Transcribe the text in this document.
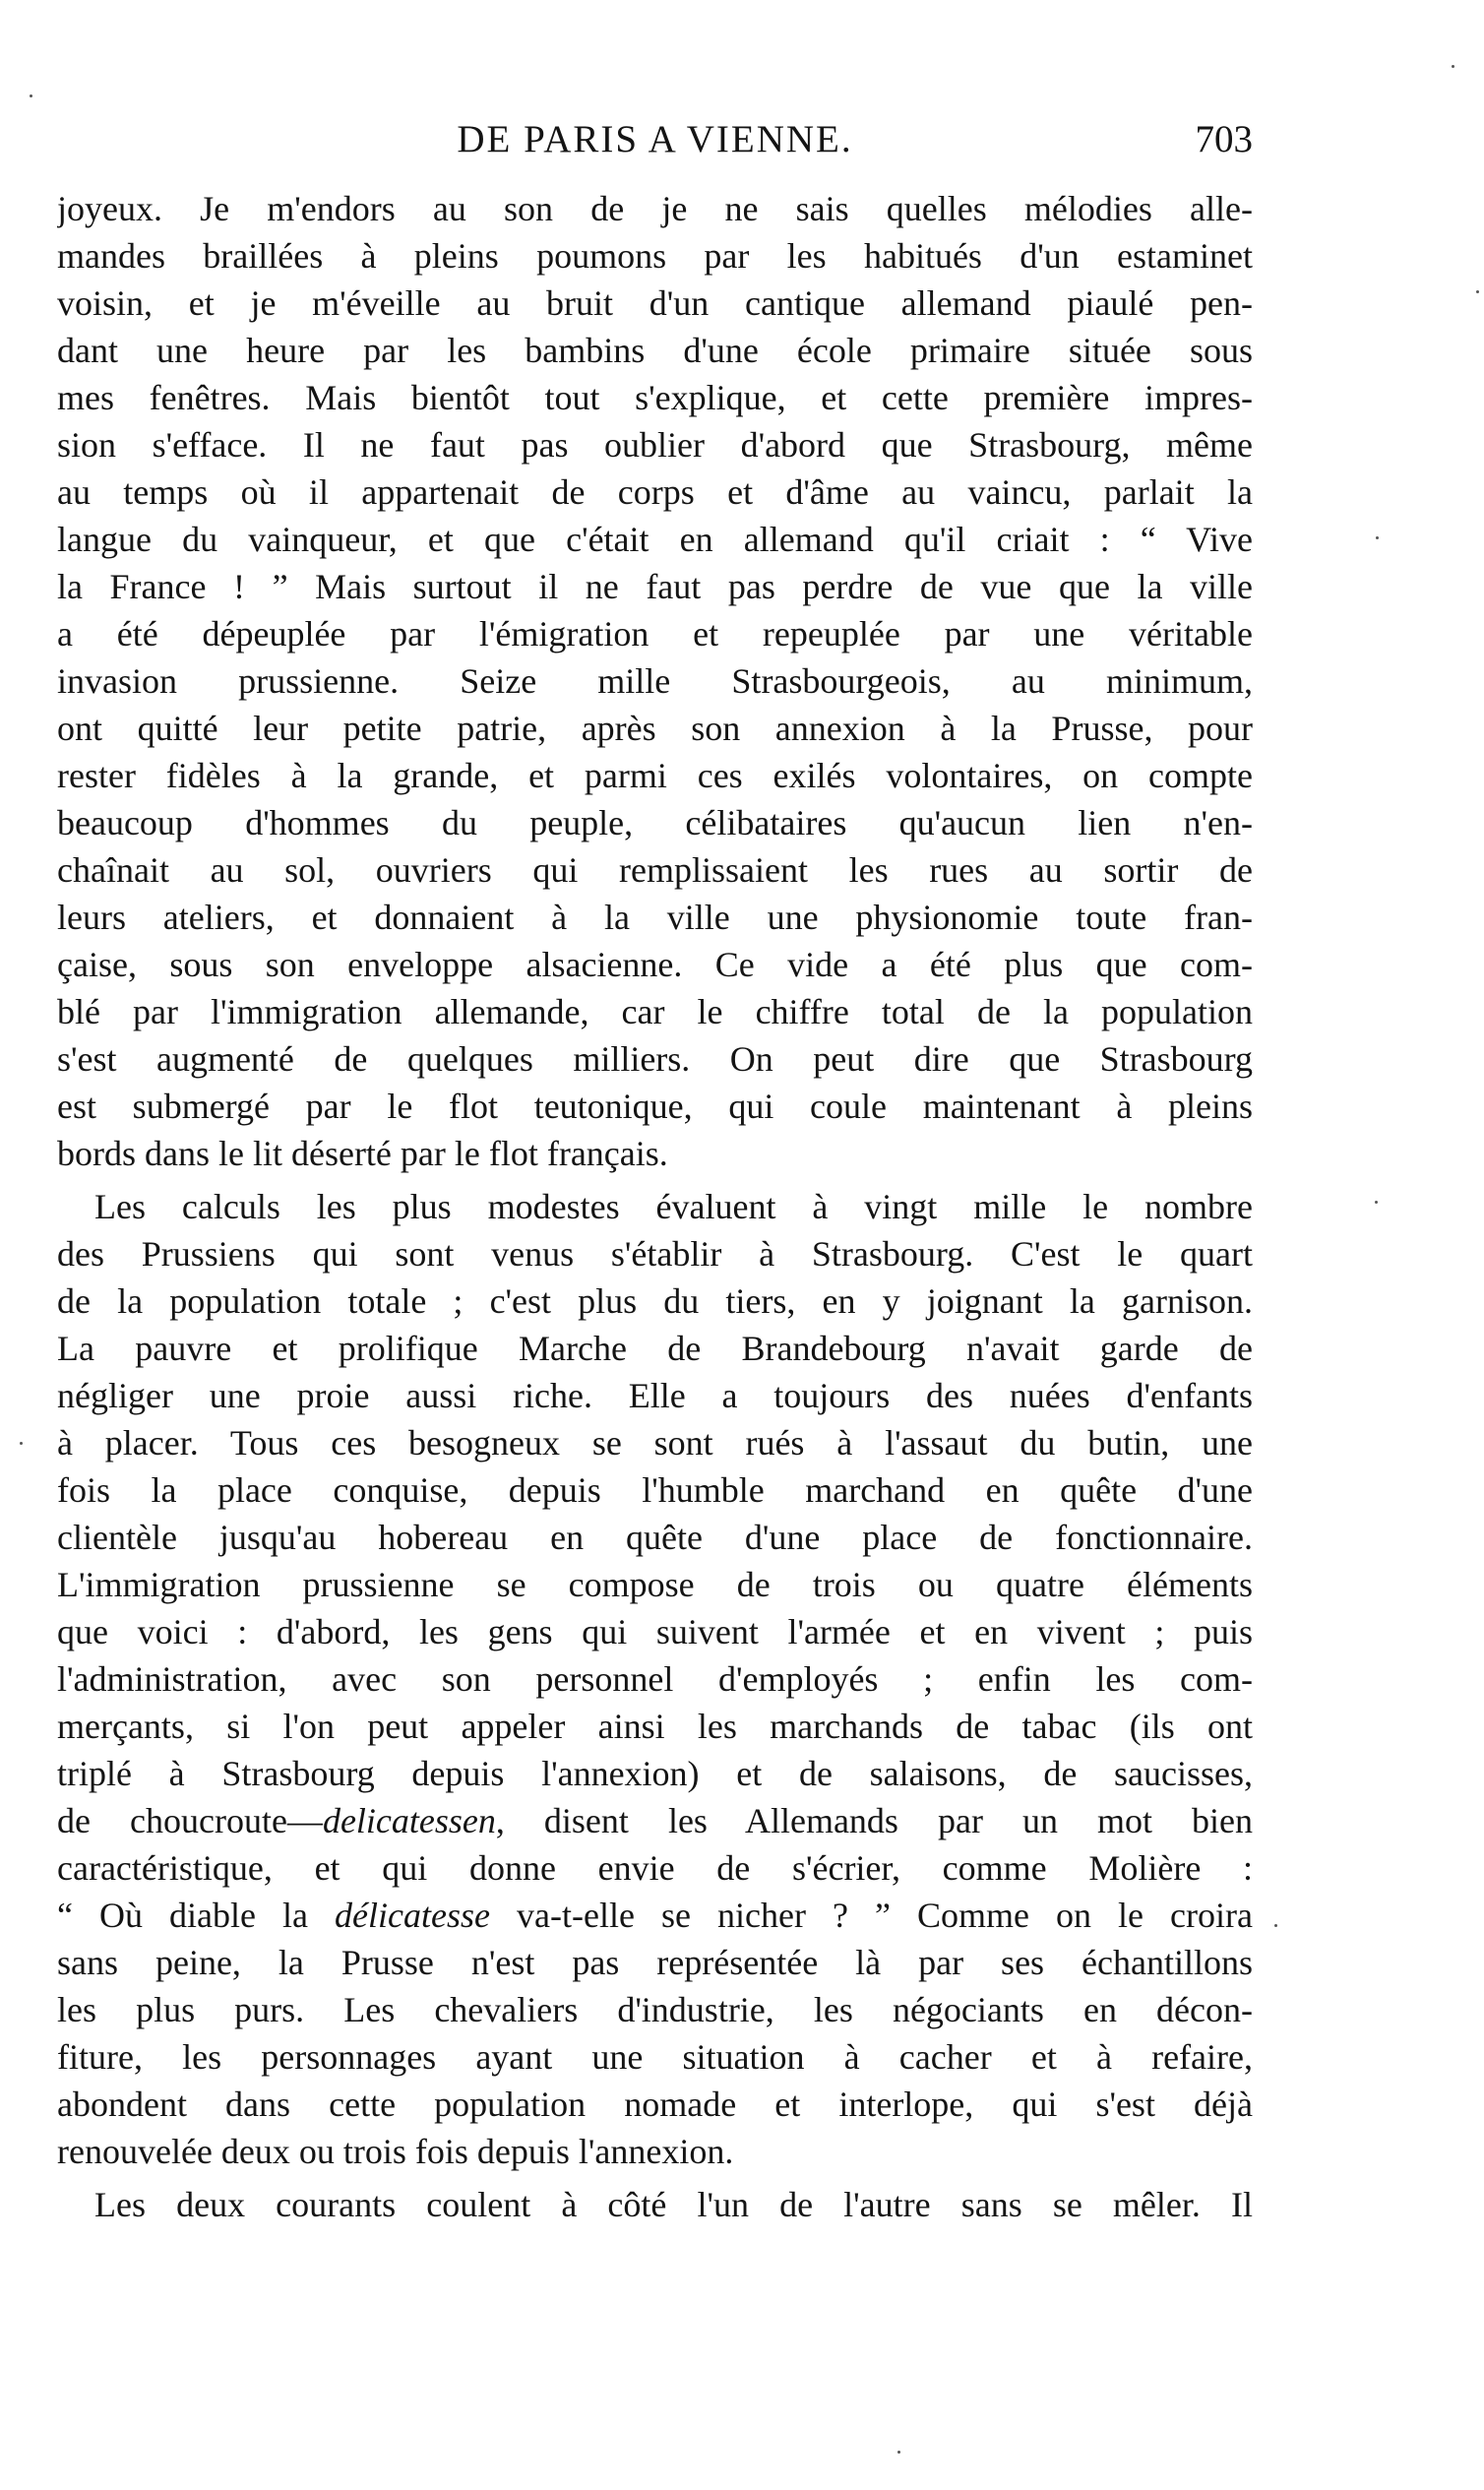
DE PARIS A VIENNE.	703
joyeux. Je m'endors au son de je ne sais quelles mélodies alle-
mandes braillées à pleins poumons par les habitués d'un estaminet
voisin, et je m'éveille au bruit d'un cantique allemand piaulé pen-
dant une heure par les bambins d'une école primaire située sous
mes fenêtres. Mais bientôt tout s'explique, et cette première impres-
sion s'efface. Il ne faut pas oublier d'abord que Strasbourg, même
au temps où il appartenait de corps et d'âme au vaincu, parlait la
langue du vainqueur, et que c'était en allemand qu'il criait : “ Vive
la France ! ” Mais surtout il ne faut pas perdre de vue que la ville
a été dépeuplée par l'émigration et repeuplée par une véritable
invasion prussienne. Seize mille Strasbourgeois, au minimum,
ont quitté leur petite patrie, après son annexion à la Prusse, pour
rester fidèles à la grande, et parmi ces exilés volontaires, on compte
beaucoup d'hommes du peuple, célibataires qu'aucun lien n'en-
chaînait au sol, ouvriers qui remplissaient les rues au sortir de
leurs ateliers, et donnaient à la ville une physionomie toute fran-
çaise, sous son enveloppe alsacienne. Ce vide a été plus que com-
blé par l'immigration allemande, car le chiffre total de la population
s'est augmenté de quelques milliers. On peut dire que Strasbourg
est submergé par le flot teutonique, qui coule maintenant à pleins
bords dans le lit déserté par le flot français.
Les calculs les plus modestes évaluent à vingt mille le nombre
des Prussiens qui sont venus s'établir à Strasbourg. C'est le quart
de la population totale ; c'est plus du tiers, en y joignant la garnison.
La pauvre et prolifique Marche de Brandebourg n'avait garde de
négliger une proie aussi riche. Elle a toujours des nuées d'enfants
à placer. Tous ces besogneux se sont rués à l'assaut du butin, une
fois la place conquise, depuis l'humble marchand en quête d'une
clientèle jusqu'au hobereau en quête d'une place de fonctionnaire.
L'immigration prussienne se compose de trois ou quatre éléments
que voici : d'abord, les gens qui suivent l'armée et en vivent ; puis
l'administration, avec son personnel d'employés ; enfin les com-
merçants, si l'on peut appeler ainsi les marchands de tabac (ils ont
triplé à Strasbourg depuis l'annexion) et de salaisons, de saucisses,
de choucroute—delicatessen, disent les Allemands par un mot bien
caractéristique, et qui donne envie de s'écrier, comme Molière :
“ Où diable la délicatesse va-t-elle se nicher ? ” Comme on le croira
sans peine, la Prusse n'est pas représentée là par ses échantillons
les plus purs. Les chevaliers d'industrie, les négociants en décon-
fiture, les personnages ayant une situation à cacher et à refaire,
abondent dans cette population nomade et interlope, qui s'est déjà
renouvelée deux ou trois fois depuis l'annexion.
Les deux courants coulent à côté l'un de l'autre sans se mêler. Il
